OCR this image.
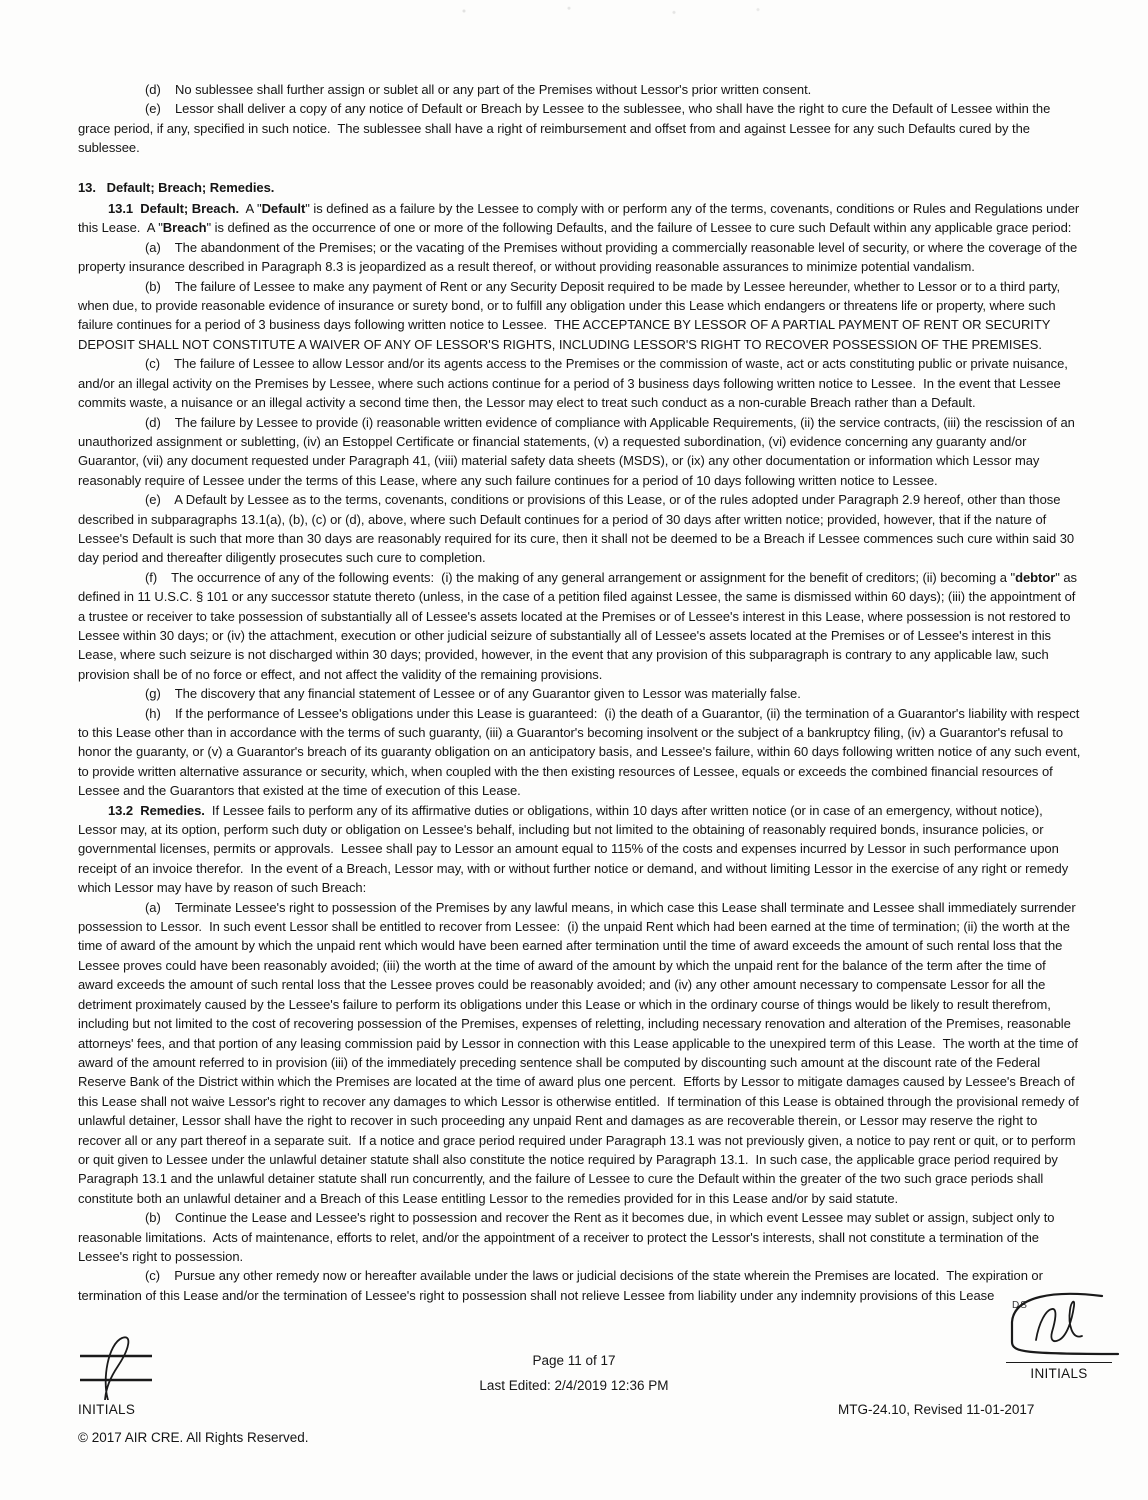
(d)    No sublessee shall further assign or sublet all or any part of the Premises without Lessor's prior written consent.

(e)    Lessor shall deliver a copy of any notice of Default or Breach by Lessee to the sublessee, who shall have the right to cure the Default of Lessee within the grace period, if any, specified in such notice.  The sublessee shall have a right of reimbursement and offset from and against Lessee for any such Defaults cured by the sublessee.

13.   Default; Breach; Remedies.

13.1  Default; Breach.  A "Default" is defined as a failure by the Lessee to comply with or perform any of the terms, covenants, conditions or Rules and Regulations under this Lease.  A "Breach" is defined as the occurrence of one or more of the following Defaults, and the failure of Lessee to cure such Default within any applicable grace period:

(a)    The abandonment of the Premises; or the vacating of the Premises without providing a commercially reasonable level of security, or where the coverage of the property insurance described in Paragraph 8.3 is jeopardized as a result thereof, or without providing reasonable assurances to minimize potential vandalism.

(b)    The failure of Lessee to make any payment of Rent or any Security Deposit required to be made by Lessee hereunder, whether to Lessor or to a third party, when due, to provide reasonable evidence of insurance or surety bond, or to fulfill any obligation under this Lease which endangers or threatens life or property, where such failure continues for a period of 3 business days following written notice to Lessee.  THE ACCEPTANCE BY LESSOR OF A PARTIAL PAYMENT OF RENT OR SECURITY DEPOSIT SHALL NOT CONSTITUTE A WAIVER OF ANY OF LESSOR'S RIGHTS, INCLUDING LESSOR'S RIGHT TO RECOVER POSSESSION OF THE PREMISES.

(c)    The failure of Lessee to allow Lessor and/or its agents access to the Premises or the commission of waste, act or acts constituting public or private nuisance, and/or an illegal activity on the Premises by Lessee, where such actions continue for a period of 3 business days following written notice to Lessee.  In the event that Lessee commits waste, a nuisance or an illegal activity a second time then, the Lessor may elect to treat such conduct as a non-curable Breach rather than a Default.

(d)    The failure by Lessee to provide (i) reasonable written evidence of compliance with Applicable Requirements, (ii) the service contracts, (iii) the rescission of an unauthorized assignment or subletting, (iv) an Estoppel Certificate or financial statements, (v) a requested subordination, (vi) evidence concerning any guaranty and/or Guarantor, (vii) any document requested under Paragraph 41, (viii) material safety data sheets (MSDS), or (ix) any other documentation or information which Lessor may reasonably require of Lessee under the terms of this Lease, where any such failure continues for a period of 10 days following written notice to Lessee.

(e)    A Default by Lessee as to the terms, covenants, conditions or provisions of this Lease, or of the rules adopted under Paragraph 2.9 hereof, other than those described in subparagraphs 13.1(a), (b), (c) or (d), above, where such Default continues for a period of 30 days after written notice; provided, however, that if the nature of Lessee's Default is such that more than 30 days are reasonably required for its cure, then it shall not be deemed to be a Breach if Lessee commences such cure within said 30 day period and thereafter diligently prosecutes such cure to completion.

(f)    The occurrence of any of the following events:  (i) the making of any general arrangement or assignment for the benefit of creditors; (ii) becoming a "debtor" as defined in 11 U.S.C. § 101 or any successor statute thereto (unless, in the case of a petition filed against Lessee, the same is dismissed within 60 days); (iii) the appointment of a trustee or receiver to take possession of substantially all of Lessee's assets located at the Premises or of Lessee's interest in this Lease, where possession is not restored to Lessee within 30 days; or (iv) the attachment, execution or other judicial seizure of substantially all of Lessee's assets located at the Premises or of Lessee's interest in this Lease, where such seizure is not discharged within 30 days; provided, however, in the event that any provision of this subparagraph is contrary to any applicable law, such provision shall be of no force or effect, and not affect the validity of the remaining provisions.

(g)    The discovery that any financial statement of Lessee or of any Guarantor given to Lessor was materially false.

(h)    If the performance of Lessee's obligations under this Lease is guaranteed:  (i) the death of a Guarantor, (ii) the termination of a Guarantor's liability with respect to this Lease other than in accordance with the terms of such guaranty, (iii) a Guarantor's becoming insolvent or the subject of a bankruptcy filing, (iv) a Guarantor's refusal to honor the guaranty, or (v) a Guarantor's breach of its guaranty obligation on an anticipatory basis, and Lessee's failure, within 60 days following written notice of any such event, to provide written alternative assurance or security, which, when coupled with the then existing resources of Lessee, equals or exceeds the combined financial resources of Lessee and the Guarantors that existed at the time of execution of this Lease.

13.2  Remedies.  If Lessee fails to perform any of its affirmative duties or obligations, within 10 days after written notice (or in case of an emergency, without notice), Lessor may, at its option, perform such duty or obligation on Lessee's behalf, including but not limited to the obtaining of reasonably required bonds, insurance policies, or governmental licenses, permits or approvals.  Lessee shall pay to Lessor an amount equal to 115% of the costs and expenses incurred by Lessor in such performance upon receipt of an invoice therefor.  In the event of a Breach, Lessor may, with or without further notice or demand, and without limiting Lessor in the exercise of any right or remedy which Lessor may have by reason of such Breach:

(a)    Terminate Lessee's right to possession of the Premises by any lawful means, in which case this Lease shall terminate and Lessee shall immediately surrender possession to Lessor.  In such event Lessor shall be entitled to recover from Lessee:  (i) the unpaid Rent which had been earned at the time of termination; (ii) the worth at the time of award of the amount by which the unpaid rent which would have been earned after termination until the time of award exceeds the amount of such rental loss that the Lessee proves could have been reasonably avoided; (iii) the worth at the time of award of the amount by which the unpaid rent for the balance of the term after the time of award exceeds the amount of such rental loss that the Lessee proves could be reasonably avoided; and (iv) any other amount necessary to compensate Lessor for all the detriment proximately caused by the Lessee's failure to perform its obligations under this Lease or which in the ordinary course of things would be likely to result therefrom, including but not limited to the cost of recovering possession of the Premises, expenses of reletting, including necessary renovation and alteration of the Premises, reasonable attorneys' fees, and that portion of any leasing commission paid by Lessor in connection with this Lease applicable to the unexpired term of this Lease.  The worth at the time of award of the amount referred to in provision (iii) of the immediately preceding sentence shall be computed by discounting such amount at the discount rate of the Federal Reserve Bank of the District within which the Premises are located at the time of award plus one percent.  Efforts by Lessor to mitigate damages caused by Lessee's Breach of this Lease shall not waive Lessor's right to recover any damages to which Lessor is otherwise entitled.  If termination of this Lease is obtained through the provisional remedy of unlawful detainer, Lessor shall have the right to recover in such proceeding any unpaid Rent and damages as are recoverable therein, or Lessor may reserve the right to recover all or any part thereof in a separate suit.  If a notice and grace period required under Paragraph 13.1 was not previously given, a notice to pay rent or quit, or to perform or quit given to Lessee under the unlawful detainer statute shall also constitute the notice required by Paragraph 13.1.  In such case, the applicable grace period required by Paragraph 13.1 and the unlawful detainer statute shall run concurrently, and the failure of Lessee to cure the Default within the greater of the two such grace periods shall constitute both an unlawful detainer and a Breach of this Lease entitling Lessor to the remedies provided for in this Lease and/or by said statute.

(b)    Continue the Lease and Lessee's right to possession and recover the Rent as it becomes due, in which event Lessee may sublet or assign, subject only to reasonable limitations.  Acts of maintenance, efforts to relet, and/or the appointment of a receiver to protect the Lessor's interests, shall not constitute a termination of the Lessee's right to possession.

(c)    Pursue any other remedy now or hereafter available under the laws or judicial decisions of the state wherein the Premises are located.  The expiration or termination of this Lease and/or the termination of Lessee's right to possession shall not relieve Lessee from liability under any indemnity provisions of this Lease

INITIALS
Page 11 of 17
Last Edited: 2/4/2019 12:36 PM
DS
INITIALS
© 2017 AIR CRE. All Rights Reserved.
MTG-24.10, Revised 11-01-2017
